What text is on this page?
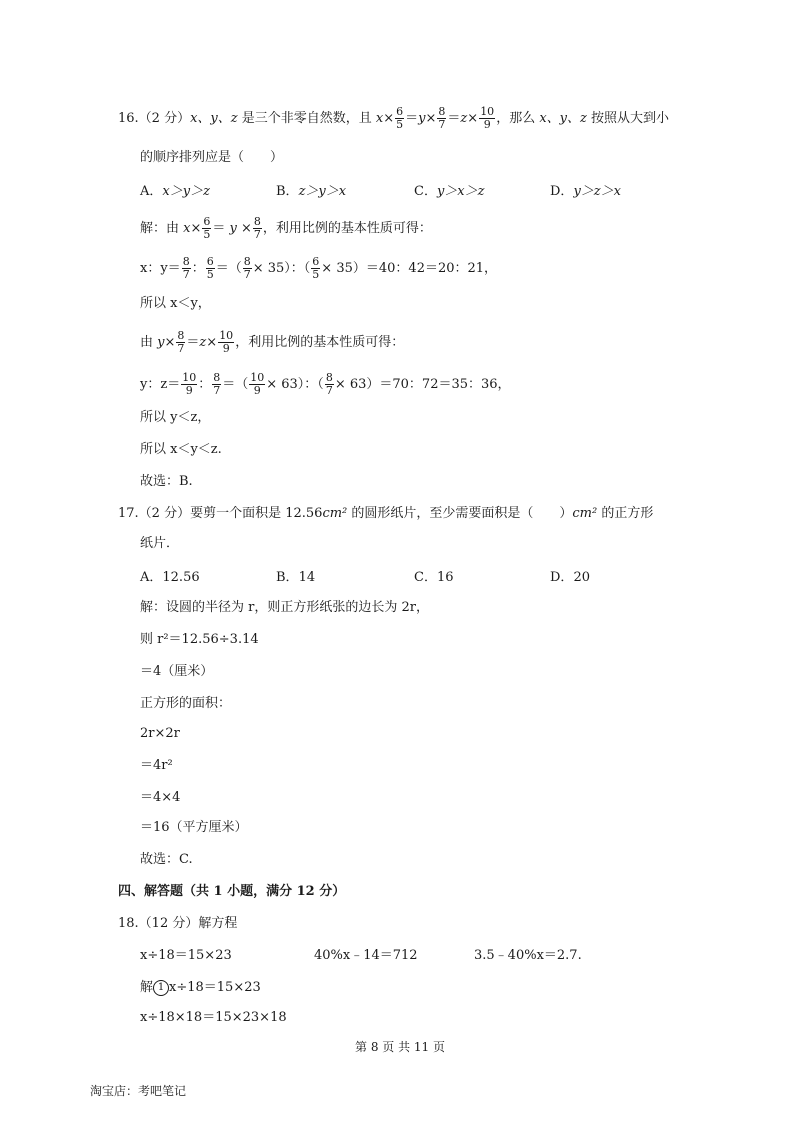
16.（2 分）x、y、z 是三个非零自然数，且 $x\times \frac{6}{5} =y\times \frac{8}{7} =z\times \frac{10}{9}$ ，那么 x、y、z 按照从大到小
的顺序排列应是（　　）
A．x＞y＞z	B．z＞y＞x	C．y＞x＞z	D．y＞z＞x
解：由 $x\times \frac{6}{5} = y \times \frac{8}{7}$ ，利用比例的基本性质可得：
x：$y= \frac{8}{7}$ ： $\frac{6}{5}$ ＝（ $\frac{8}{7} \times 35$）：（ $\frac{6}{5} \times 35)=40$：42＝20：21，
所以 x＜y，
由 $y\times \frac{8}{7} =z\times \frac{10}{9}$ ，利用比例的基本性质可得：
y：$z= \frac{10}{9}$ ： $\frac{8}{7}$ ＝（ $\frac{10}{9} \times 63$）：（ $\frac{8}{7} \times 63)=70$：72＝35：36，
所以 y＜z，
所以 x＜y＜z.
故选：B.
17.（2 分）要剪一个面积是 12.56cm² 的圆形纸片，至少需要面积是（　　）cm² 的正方形
纸片．
A．12.56	B．14	C．16	D．20
解：设圆的半径为 r，则正方形纸张的边长为 2r，
则 r²＝12.56÷3.14
＝4（厘米）
正方形的面积：
2r×2r
＝4r²
＝4×4
＝16（平方厘米）
故选：C.
四、解答题（共 1 小题，满分 12 分）
18.（12 分）解方程
x÷18＝15×23	40%x﹣14＝712	3.5﹣40%x＝2.7.
解 1 x÷18＝15×23
x÷18×18＝15×23×18
第 8 页 共 11 页
淘宝店：考吧笔记
